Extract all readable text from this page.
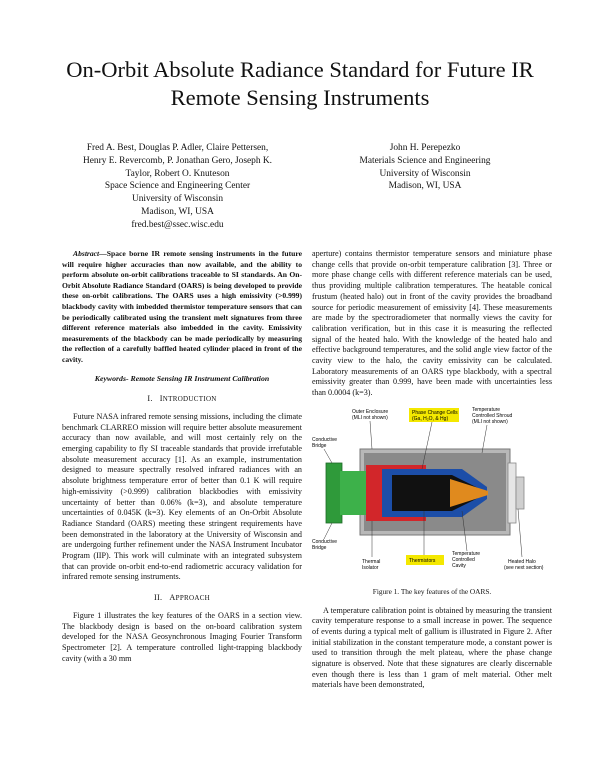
On-Orbit Absolute Radiance Standard for Future IR Remote Sensing Instruments
Fred A. Best, Douglas P. Adler, Claire Pettersen,
Henry E. Revercomb, P. Jonathan Gero, Joseph K.
Taylor, Robert O. Knuteson
Space Science and Engineering Center
University of Wisconsin
Madison, WI, USA
fred.best@ssec.wisc.edu
John H. Perepezko
Materials Science and Engineering
University of Wisconsin
Madison, WI, USA

Abstract—Space borne IR remote sensing instruments in the future will require higher accuracies than now available, and the ability to perform absolute on-orbit calibrations traceable to SI standards. An On-Orbit Absolute Radiance Standard (OARS) is being developed to provide these on-orbit calibrations. The OARS uses a high emissivity (>0.999) blackbody cavity with imbedded thermistor temperature sensors that can be periodically calibrated using the transient melt signatures from three different reference materials also imbedded in the cavity. Emissivity measurements of the blackbody can be made periodically by measuring the reflection of a carefully baffled heated cylinder placed in front of the cavity.

Keywords- Remote Sensing IR Instrument Calibration
I. INTRODUCTION

Future NASA infrared remote sensing missions, including the climate benchmark CLARREO mission will require better absolute measurement accuracy than now available, and will most certainly rely on the emerging capability to fly SI traceable standards that provide irrefutable absolute measurement accuracy [1]. As an example, instrumentation designed to measure spectrally resolved infrared radiances with an absolute brightness temperature error of better than 0.1 K will require high-emissivity (>0.999) calibration blackbodies with emissivity uncertainty of better than 0.06% (k=3), and absolute temperature uncertainties of 0.045K (k=3). Key elements of an On-Orbit Absolute Radiance Standard (OARS) meeting these stringent requirements have been demonstrated in the laboratory at the University of Wisconsin and are undergoing further refinement under the NASA Instrument Incubator Program (IIP). This work will culminate with an integrated subsystem that can provide on-orbit end-to-end radiometric accuracy validation for infrared remote sensing instruments.

II. APPROACH

Figure 1 illustrates the key features of the OARS in a section view. The blackbody design is based on the on-board calibration system developed for the NASA Geosynchronous Imaging Fourier Transform Spectrometer [2]. A temperature controlled light-trapping blackbody cavity (with a 30 mm

aperture) contains thermistor temperature sensors and miniature phase change cells that provide on-orbit temperature calibration [3]. Three or more phase change cells with different reference materials can be used, thus providing multiple calibration temperatures. The heatable conical frustum (heated halo) out in front of the cavity provides the broadband source for periodic measurement of emissivity [4]. These measurements are made by the spectroradiometer that normally views the cavity for calibration verification, but in this case it is measuring the reflected signal of the heated halo. With the knowledge of the heated halo and effective background temperatures, and the solid angle view factor of the cavity view to the halo, the cavity emissivity can be calculated. Laboratory measurements of an OARS type blackbody, with a spectral emissivity greater than 0.999, have been made with uncertainties less than 0.0004 (k=3).

Outer Enclosure
(MLI not shown)
Phase Change Cells
(Ga, H₂O, & Hg)
Temperature
Controlled Shroud
(MLI not shown)
Conductive
Bridge
Conductive
Bridge
Thermal
Isolator
Thermistors
Temperature
Controlled
Cavity
Heated Halo
(see next section)
Figure 1. The key features of the OARS.

A temperature calibration point is obtained by measuring the transient cavity temperature response to a small increase in power. The sequence of events during a typical melt of gallium is illustrated in Figure 2. After initial stabilization in the constant temperature mode, a constant power is used to transition through the melt plateau, where the phase change signature is observed. Note that these signatures are clearly discernable even though there is less than 1 gram of melt material. Other melt materials have been demonstrated,
